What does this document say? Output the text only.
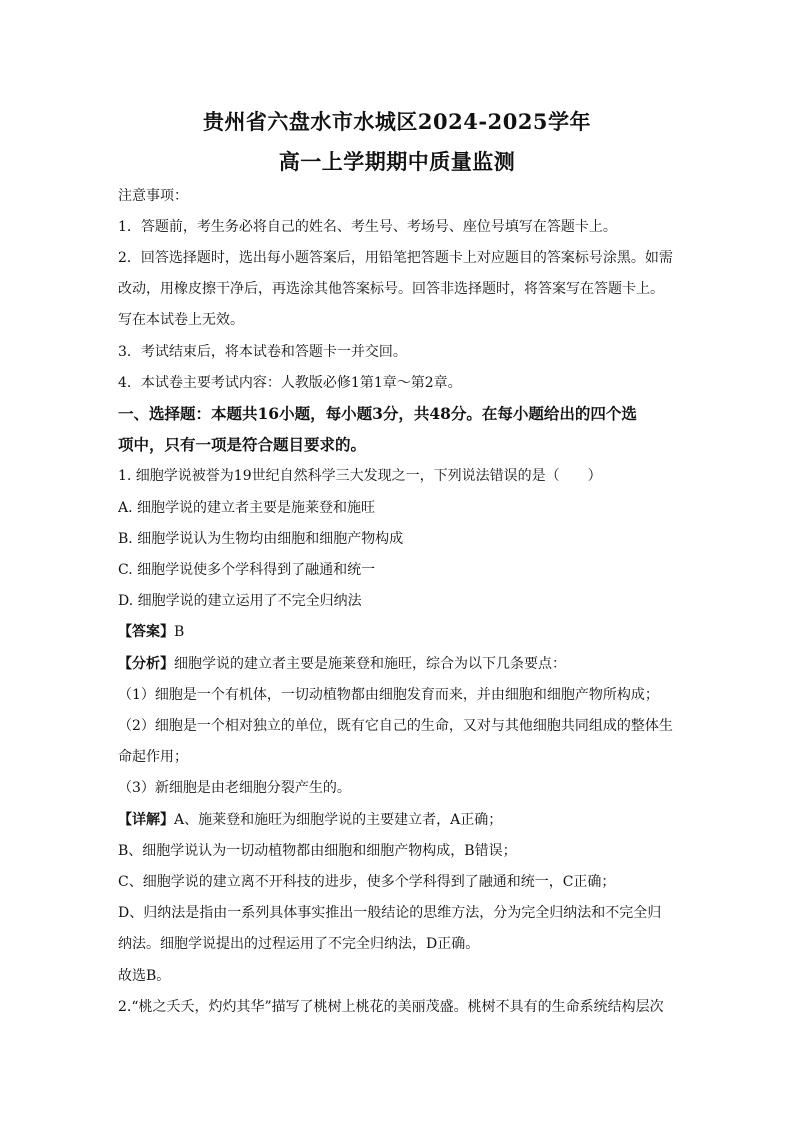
贵州省六盘水市水城区2024-2025学年
高一上学期期中质量监测
注意事项：
1．答题前，考生务必将自己的姓名、考生号、考场号、座位号填写在答题卡上。
2．回答选择题时，选出每小题答案后，用铅笔把答题卡上对应题目的答案标号涂黑。如需
改动，用橡皮擦干净后，再选涂其他答案标号。回答非选择题时，将答案写在答题卡上。
写在本试卷上无效。
3．考试结束后，将本试卷和答题卡一并交回。
4．本试卷主要考试内容：人教版必修1第1章～第2章。
一、选择题：本题共16小题，每小题3分，共48分。在每小题给出的四个选
项中，只有一项是符合题目要求的。
1. 细胞学说被誉为19世纪自然科学三大发现之一，下列说法错误的是（　　）
A. 细胞学说的建立者主要是施莱登和施旺
B. 细胞学说认为生物均由细胞和细胞产物构成
C. 细胞学说使多个学科得到了融通和统一
D. 细胞学说的建立运用了不完全归纳法
【答案】B
【分析】细胞学说的建立者主要是施莱登和施旺，综合为以下几条要点：
（1）细胞是一个有机体，一切动植物都由细胞发育而来，并由细胞和细胞产物所构成；
（2）细胞是一个相对独立的单位，既有它自己的生命，又对与其他细胞共同组成的整体生
命起作用；
（3）新细胞是由老细胞分裂产生的。
【详解】A、施莱登和施旺为细胞学说的主要建立者，A正确；
B、细胞学说认为一切动植物都由细胞和细胞产物构成，B错误；
C、细胞学说的建立离不开科技的进步，使多个学科得到了融通和统一，C正确；
D、归纳法是指由一系列具体事实推出一般结论的思维方法，分为完全归纳法和不完全归
纳法。细胞学说提出的过程运用了不完全归纳法，D正确。
故选B。
2.“桃之夭夭，灼灼其华”描写了桃树上桃花的美丽茂盛。桃树不具有的生命系统结构层次
